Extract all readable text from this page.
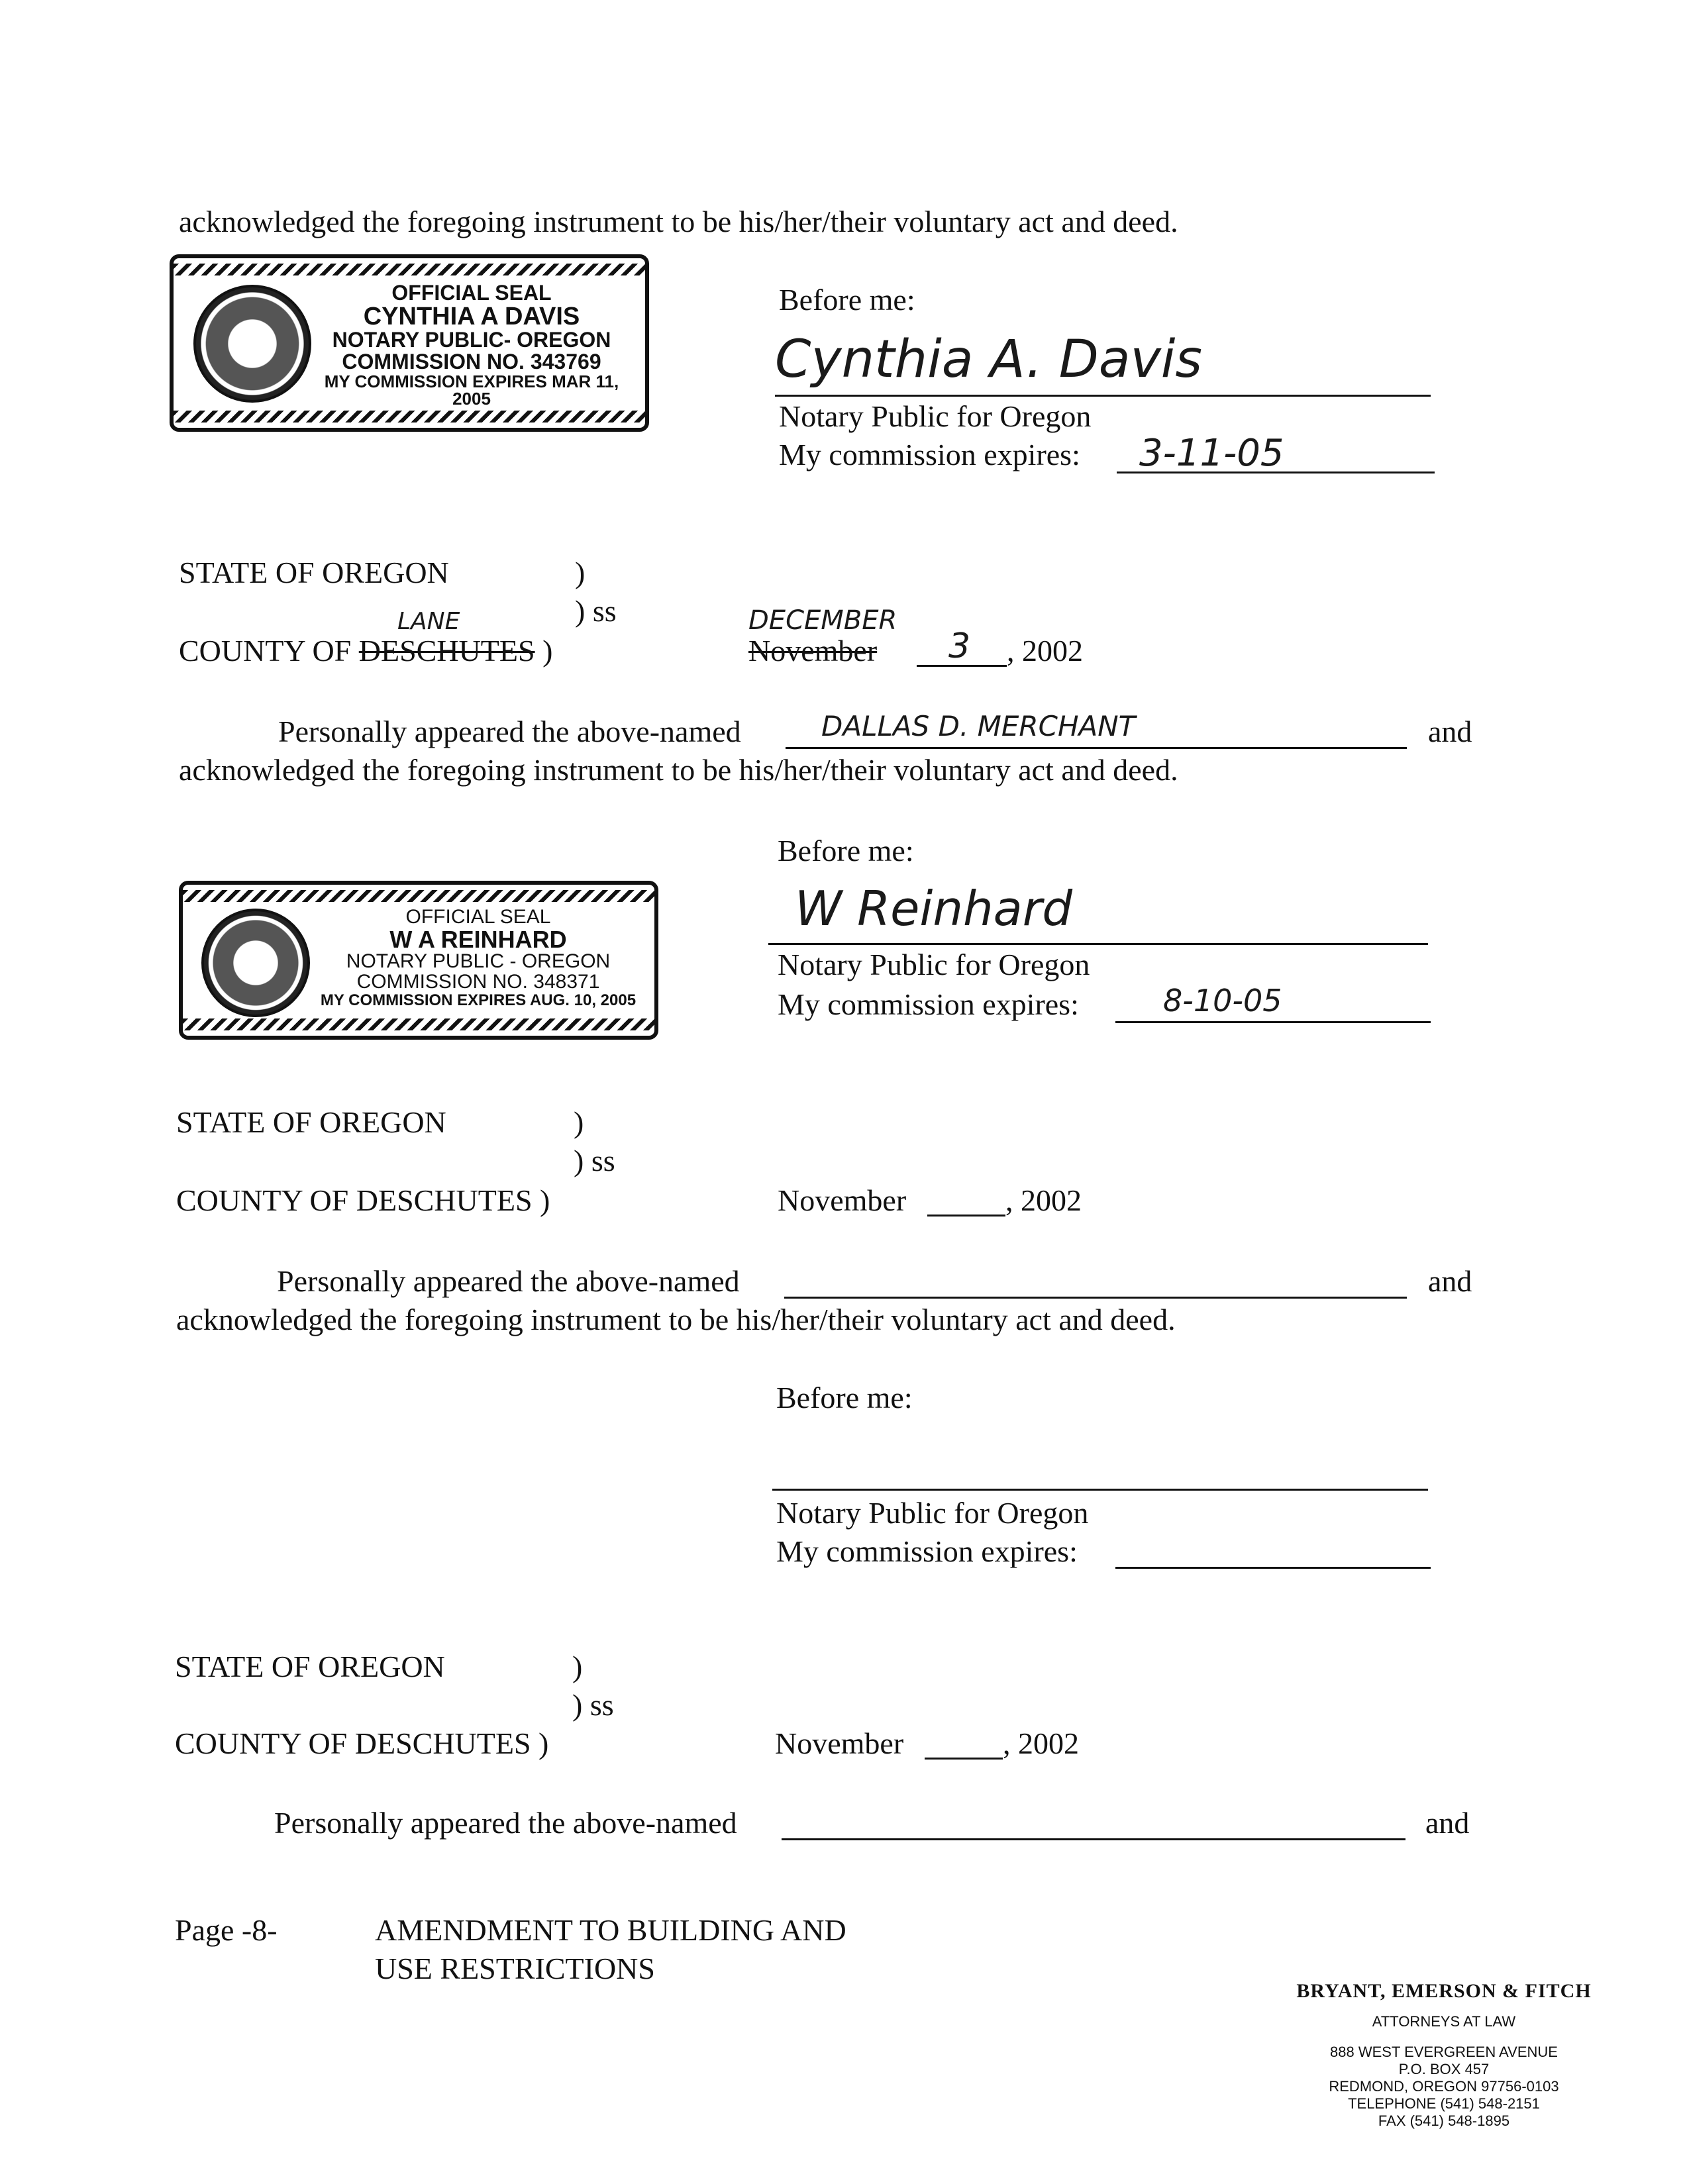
acknowledged the foregoing instrument to be his/her/their voluntary act and deed.
OFFICIAL SEAL
CYNTHIA A DAVIS
NOTARY PUBLIC- OREGON
COMMISSION NO. 343769
MY COMMISSION EXPIRES MAR 11, 2005
Before me:
Cynthia A. Davis
Notary Public for Oregon
My commission expires: 3-11-05
STATE OF OREGON	)
) ss
LANE
COUNTY OF DESCHUTES )
DECEMBER
November 3 , 2002
Personally appeared the above-named	DALLAS D. MERCHANT	and
acknowledged the foregoing instrument to be his/her/their voluntary act and deed.
OFFICIAL SEAL
W A REINHARD
NOTARY PUBLIC - OREGON
COMMISSION NO. 348371
MY COMMISSION EXPIRES AUG. 10, 2005
Before me:
W Reinhard
Notary Public for Oregon
My commission expires:	8-10-05
STATE OF OREGON	)
) ss
COUNTY OF DESCHUTES )	November	, 2002
Personally appeared the above-named	and
acknowledged the foregoing instrument to be his/her/their voluntary act and deed.
Before me:
Notary Public for Oregon
My commission expires:
STATE OF OREGON	)
) ss
COUNTY OF DESCHUTES )	November	, 2002
Personally appeared the above-named	and
Page -8-	AMENDMENT TO BUILDING AND
USE RESTRICTIONS
BRYANT, EMERSON & FITCH
ATTORNEYS AT LAW
888 WEST EVERGREEN AVENUE
P.O. BOX 457
REDMOND, OREGON 97756-0103
TELEPHONE (541) 548-2151
FAX (541) 548-1895
